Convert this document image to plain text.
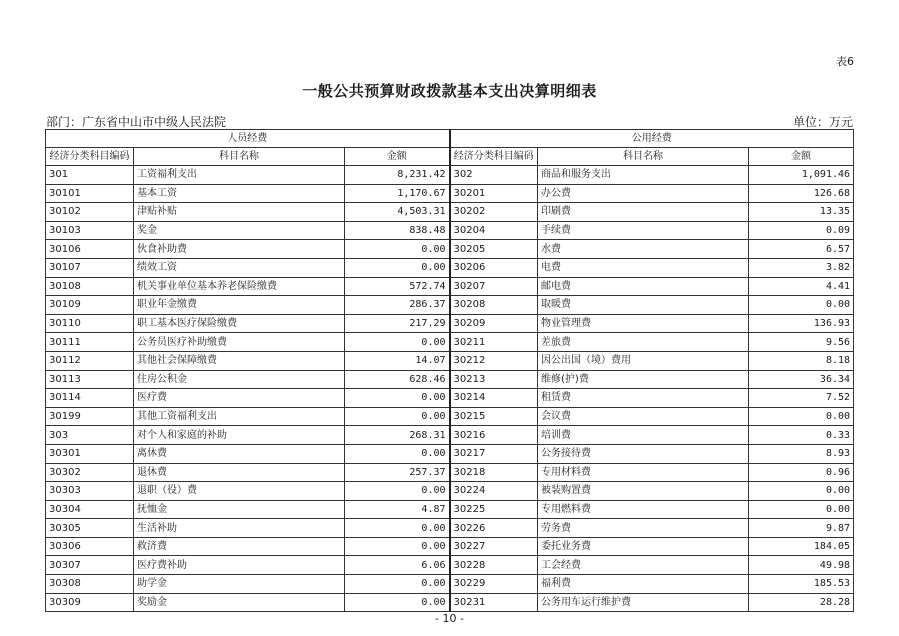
表6
一般公共预算财政拨款基本支出决算明细表
部门：广东省中山市中级人民法院	单位：万元
人员经费			公用经费		
经济分类科目编码	科目名称	金额	经济分类科目编码	科目名称	金额
301	工资福利支出	8,231.42	302	商品和服务支出	1,091.46
30101	基本工资	1,170.67	30201	办公费	126.68
30102	津贴补贴	4,503.31	30202	印刷费	13.35
30103	奖金	838.48	30204	手续费	0.09
30106	伙食补助费	0.00	30205	水费	6.57
30107	绩效工资	0.00	30206	电费	3.82
30108	机关事业单位基本养老保险缴费	572.74	30207	邮电费	4.41
30109	职业年金缴费	286.37	30208	取暖费	0.00
30110	职工基本医疗保险缴费	217.29	30209	物业管理费	136.93
30111	公务员医疗补助缴费	0.00	30211	差旅费	9.56
30112	其他社会保障缴费	14.07	30212	因公出国（境）费用	8.18
30113	住房公积金	628.46	30213	维修(护)费	36.34
30114	医疗费	0.00	30214	租赁费	7.52
30199	其他工资福利支出	0.00	30215	会议费	0.00
303	对个人和家庭的补助	268.31	30216	培训费	0.33
30301	离休费	0.00	30217	公务接待费	8.93
30302	退休费	257.37	30218	专用材料费	0.96
30303	退职（役）费	0.00	30224	被装购置费	0.00
30304	抚恤金	4.87	30225	专用燃料费	0.00
30305	生活补助	0.00	30226	劳务费	9.87
30306	救济费	0.00	30227	委托业务费	184.05
30307	医疗费补助	6.06	30228	工会经费	49.98
30308	助学金	0.00	30229	福利费	185.53
30309	奖励金	0.00	30231	公务用车运行维护费	28.28
- 10 -
